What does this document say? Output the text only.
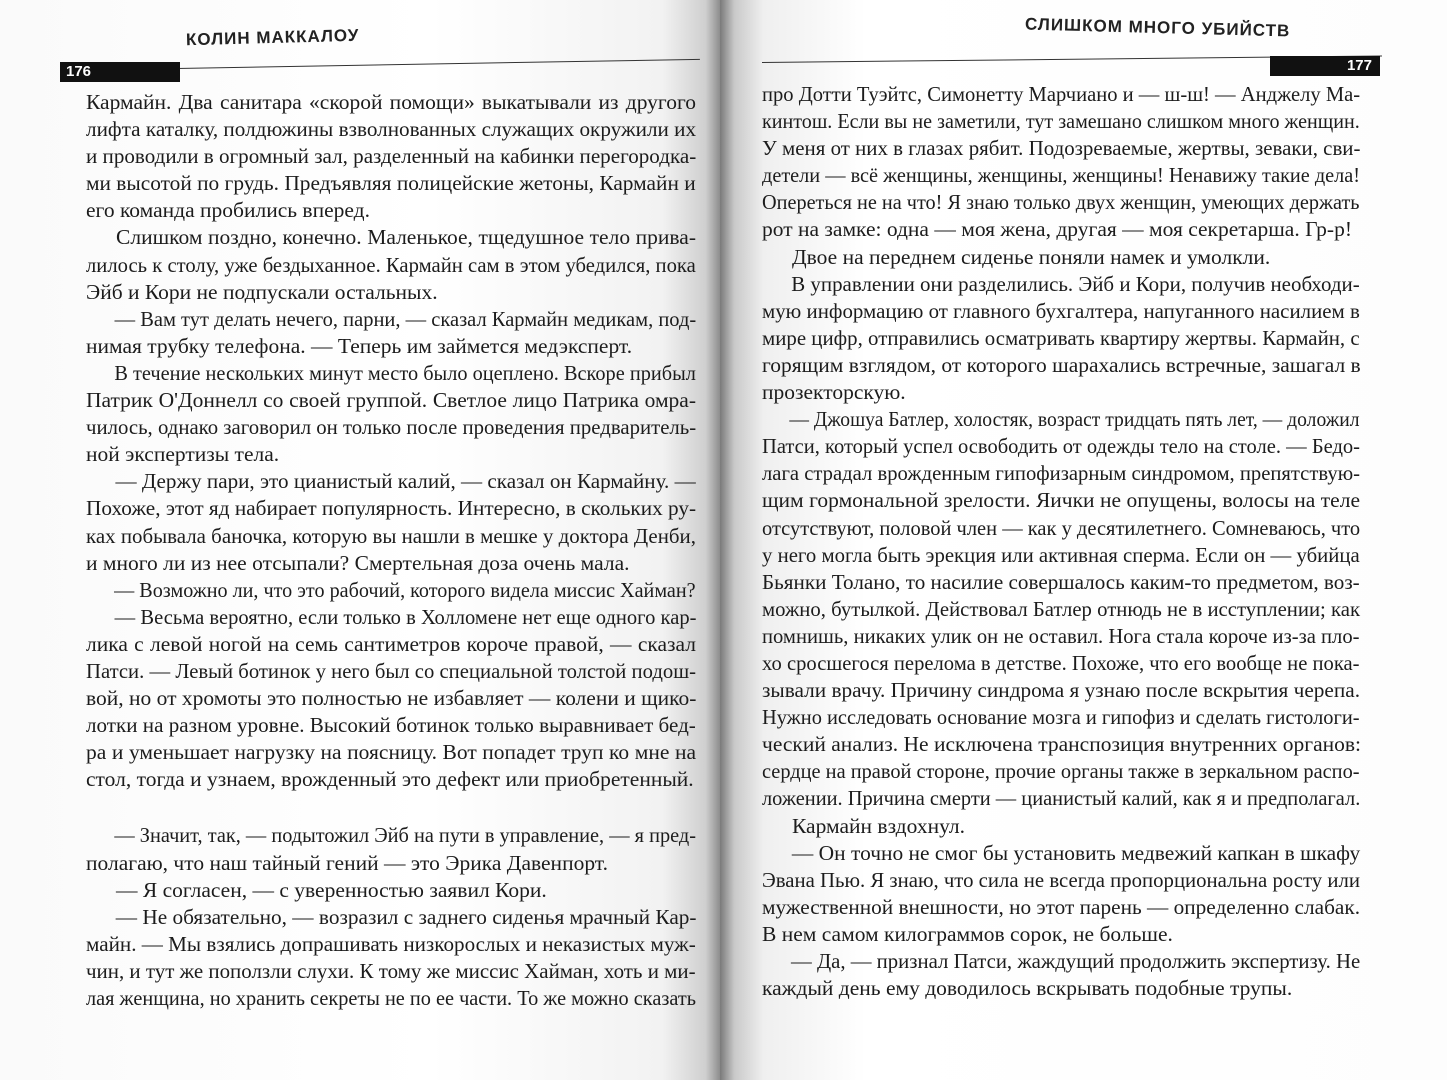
КОЛИН МАККАЛОУ
176
Кармайн. Два санитара «скорой помощи» выкатывали из другого
лифта каталку, полдюжины взволнованных служащих окружили их
и проводили в огромный зал, разделенный на кабинки перегородка-
ми высотой по грудь. Предъявляя полицейские жетоны, Кармайн и
его команда пробились вперед.
Слишком поздно, конечно. Маленькое, тщедушное тело прива-
лилось к столу, уже бездыханное. Кармайн сам в этом убедился, пока
Эйб и Кори не подпускали остальных.
— Вам тут делать нечего, парни, — сказал Кармайн медикам, под-
нимая трубку телефона. — Теперь им займется медэксперт.
В течение нескольких минут место было оцеплено. Вскоре прибыл
Патрик О'Доннелл со своей группой. Светлое лицо Патрика омра-
чилось, однако заговорил он только после проведения предваритель-
ной экспертизы тела.
— Держу пари, это цианистый калий, — сказал он Кармайну. —
Похоже, этот яд набирает популярность. Интересно, в скольких ру-
ках побывала баночка, которую вы нашли в мешке у доктора Денби,
и много ли из нее отсыпали? Смертельная доза очень мала.
— Возможно ли, что это рабочий, которого видела миссис Хайман?
— Весьма вероятно, если только в Холломене нет еще одного кар-
лика с левой ногой на семь сантиметров короче правой, — сказал
Патси. — Левый ботинок у него был со специальной толстой подош-
вой, но от хромоты это полностью не избавляет — колени и щико-
лотки на разном уровне. Высокий ботинок только выравнивает бед-
ра и уменьшает нагрузку на поясницу. Вот попадет труп ко мне на
стол, тогда и узнаем, врожденный это дефект или приобретенный.
— Значит, так, — подытожил Эйб на пути в управление, — я пред-
полагаю, что наш тайный гений — это Эрика Давенпорт.
— Я согласен, — с уверенностью заявил Кори.
— Не обязательно, — возразил с заднего сиденья мрачный Кар-
майн. — Мы взялись допрашивать низкорослых и неказистых муж-
чин, и тут же поползли слухи. К тому же миссис Хайман, хоть и ми-
лая женщина, но хранить секреты не по ее части. То же можно сказать
СЛИШКОМ МНОГО УБИЙСТВ
177
про Дотти Туэйтс, Симонетту Марчиано и — ш-ш! — Анджелу Ма-
кинтош. Если вы не заметили, тут замешано слишком много женщин.
У меня от них в глазах рябит. Подозреваемые, жертвы, зеваки, сви-
детели — всё женщины, женщины, женщины! Ненавижу такие дела!
Опереться не на что! Я знаю только двух женщин, умеющих держать
рот на замке: одна — моя жена, другая — моя секретарша. Гр-р!
Двое на переднем сиденье поняли намек и умолкли.
В управлении они разделились. Эйб и Кори, получив необходи-
мую информацию от главного бухгалтера, напуганного насилием в
мире цифр, отправились осматривать квартиру жертвы. Кармайн, с
горящим взглядом, от которого шарахались встречные, зашагал в
прозекторскую.
— Джошуа Батлер, холостяк, возраст тридцать пять лет, — доложил
Патси, который успел освободить от одежды тело на столе. — Бедо-
лага страдал врожденным гипофизарным синдромом, препятствую-
щим гормональной зрелости. Яички не опущены, волосы на теле
отсутствуют, половой член — как у десятилетнего. Сомневаюсь, что
у него могла быть эрекция или активная сперма. Если он — убийца
Бьянки Толано, то насилие совершалось каким-то предметом, воз-
можно, бутылкой. Действовал Батлер отнюдь не в исступлении; как
помнишь, никаких улик он не оставил. Нога стала короче из-за пло-
хо сросшегося перелома в детстве. Похоже, что его вообще не пока-
зывали врачу. Причину синдрома я узнаю после вскрытия черепа.
Нужно исследовать основание мозга и гипофиз и сделать гистологи-
ческий анализ. Не исключена транспозиция внутренних органов:
сердце на правой стороне, прочие органы также в зеркальном распо-
ложении. Причина смерти — цианистый калий, как я и предполагал.
Кармайн вздохнул.
— Он точно не смог бы установить медвежий капкан в шкафу
Эвана Пью. Я знаю, что сила не всегда пропорциональна росту или
мужественной внешности, но этот парень — определенно слабак.
В нем самом килограммов сорок, не больше.
— Да, — признал Патси, жаждущий продолжить экспертизу. Не
каждый день ему доводилось вскрывать подобные трупы.
